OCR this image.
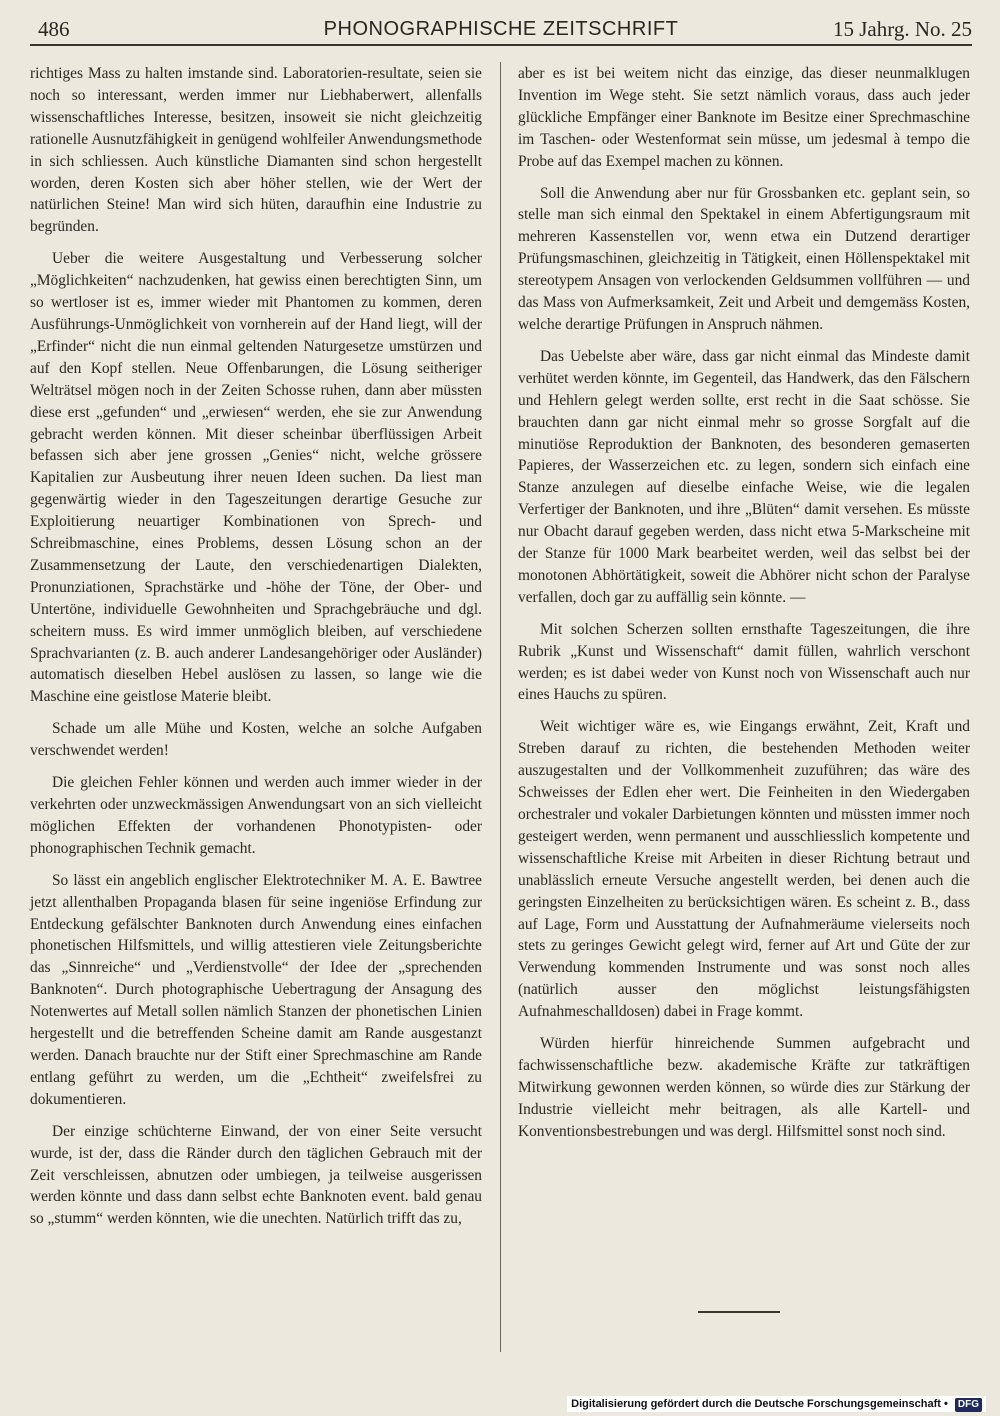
486	PHONOGRAPHISCHE ZEITSCHRIFT	15 Jahrg. No. 25

richtiges Mass zu halten imstande sind. Laboratorien-resultate, seien sie noch so interessant, werden immer nur Liebhaberwert, allenfalls wissenschaftliches Interesse, besitzen, insoweit sie nicht gleichzeitig rationelle Ausnutzfähigkeit in genügend wohlfeiler Anwendungsmethode in sich schliessen. Auch künstliche Diamanten sind schon hergestellt worden, deren Kosten sich aber höher stellen, wie der Wert der natürlichen Steine! Man wird sich hüten, daraufhin eine Industrie zu begründen.

Ueber die weitere Ausgestaltung und Verbesserung solcher „Möglichkeiten“ nachzudenken, hat gewiss einen berechtigten Sinn, um so wertloser ist es, immer wieder mit Phantomen zu kommen, deren Ausführungs-Unmöglichkeit von vornherein auf der Hand liegt, will der „Erfinder“ nicht die nun einmal geltenden Naturgesetze umstürzen und auf den Kopf stellen. Neue Offenbarungen, die Lösung seitheriger Welträtsel mögen noch in der Zeiten Schosse ruhen, dann aber müssten diese erst „gefunden“ und „erwiesen“ werden, ehe sie zur Anwendung gebracht werden können. Mit dieser scheinbar überflüssigen Arbeit befassen sich aber jene grossen „Genies“ nicht, welche grössere Kapitalien zur Ausbeutung ihrer neuen Ideen suchen. Da liest man gegenwärtig wieder in den Tageszeitungen derartige Gesuche zur Exploitierung neuartiger Kombinationen von Sprech- und Schreibmaschine, eines Problems, dessen Lösung schon an der Zusammensetzung der Laute, den verschiedenartigen Dialekten, Pronunziationen, Sprachstärke und -höhe der Töne, der Ober- und Untertöne, individuelle Gewohnheiten und Sprachgebräuche und dgl. scheitern muss. Es wird immer unmöglich bleiben, auf verschiedene Sprachvarianten (z. B. auch anderer Landesangehöriger oder Ausländer) automatisch dieselben Hebel auslösen zu lassen, so lange wie die Maschine eine geistlose Materie bleibt.

Schade um alle Mühe und Kosten, welche an solche Aufgaben verschwendet werden!

Die gleichen Fehler können und werden auch immer wieder in der verkehrten oder unzweckmässigen Anwendungsart von an sich vielleicht möglichen Effekten der vorhandenen Phonotypisten- oder phonographischen Technik gemacht.

So lässt ein angeblich englischer Elektrotechniker M. A. E. Bawtree jetzt allenthalben Propaganda blasen für seine ingeniöse Erfindung zur Entdeckung gefälschter Banknoten durch Anwendung eines einfachen phonetischen Hilfsmittels, und willig attestieren viele Zeitungsberichte das „Sinnreiche“ und „Verdienstvolle“ der Idee der „sprechenden Banknoten“. Durch photographische Uebertragung der Ansagung des Notenwertes auf Metall sollen nämlich Stanzen der phonetischen Linien hergestellt und die betreffenden Scheine damit am Rande ausgestanzt werden. Danach brauchte nur der Stift einer Sprechmaschine am Rande entlang geführt zu werden, um die „Echtheit“ zweifelsfrei zu dokumentieren.

Der einzige schüchterne Einwand, der von einer Seite versucht wurde, ist der, dass die Ränder durch den täglichen Gebrauch mit der Zeit verschleissen, abnutzen oder umbiegen, ja teilweise ausgerissen werden könnte und dass dann selbst echte Banknoten event. bald genau so „stumm“ werden könnten, wie die unechten. Natürlich trifft das zu,

aber es ist bei weitem nicht das einzige, das dieser neunmalklugen Invention im Wege steht. Sie setzt nämlich voraus, dass auch jeder glückliche Empfänger einer Banknote im Besitze einer Sprechmaschine im Taschen- oder Westenformat sein müsse, um jedesmal à tempo die Probe auf das Exempel machen zu können.

Soll die Anwendung aber nur für Grossbanken etc. geplant sein, so stelle man sich einmal den Spektakel in einem Abfertigungsraum mit mehreren Kassenstellen vor, wenn etwa ein Dutzend derartiger Prüfungsmaschinen, gleichzeitig in Tätigkeit, einen Höllenspektakel mit stereotypem Ansagen von verlockenden Geldsummen vollführen — und das Mass von Aufmerksamkeit, Zeit und Arbeit und demgemäss Kosten, welche derartige Prüfungen in Anspruch nähmen.

Das Uebelste aber wäre, dass gar nicht einmal das Mindeste damit verhütet werden könnte, im Gegenteil, das Handwerk, das den Fälschern und Hehlern gelegt werden sollte, erst recht in die Saat schösse. Sie brauchten dann gar nicht einmal mehr so grosse Sorgfalt auf die minutiöse Reproduktion der Banknoten, des besonderen gemaserten Papieres, der Wasserzeichen etc. zu legen, sondern sich einfach eine Stanze anzulegen auf dieselbe einfache Weise, wie die legalen Verfertiger der Banknoten, und ihre „Blüten“ damit versehen. Es müsste nur Obacht darauf gegeben werden, dass nicht etwa 5-Markscheine mit der Stanze für 1000 Mark bearbeitet werden, weil das selbst bei der monotonen Abhörtätigkeit, soweit die Abhörer nicht schon der Paralyse verfallen, doch gar zu auffällig sein könnte. —

Mit solchen Scherzen sollten ernsthafte Tageszeitungen, die ihre Rubrik „Kunst und Wissenschaft“ damit füllen, wahrlich verschont werden; es ist dabei weder von Kunst noch von Wissenschaft auch nur eines Hauchs zu spüren.

Weit wichtiger wäre es, wie Eingangs erwähnt, Zeit, Kraft und Streben darauf zu richten, die bestehenden Methoden weiter auszugestalten und der Vollkommenheit zuzuführen; das wäre des Schweisses der Edlen eher wert. Die Feinheiten in den Wiedergaben orchestraler und vokaler Darbietungen könnten und müssten immer noch gesteigert werden, wenn permanent und ausschliesslich kompetente und wissenschaftliche Kreise mit Arbeiten in dieser Richtung betraut und unablässlich erneute Versuche angestellt werden, bei denen auch die geringsten Einzelheiten zu berücksichtigen wären. Es scheint z. B., dass auf Lage, Form und Ausstattung der Aufnahmeräume vielerseits noch stets zu geringes Gewicht gelegt wird, ferner auf Art und Güte der zur Verwendung kommenden Instrumente und was sonst noch alles (natürlich ausser den möglichst leistungsfähigsten Aufnahmeschalldosen) dabei in Frage kommt.

Würden hierfür hinreichende Summen aufgebracht und fachwissenschaftliche bezw. akademische Kräfte zur tatkräftigen Mitwirkung gewonnen werden können, so würde dies zur Stärkung der Industrie vielleicht mehr beitragen, als alle Kartell- und Konventionsbestrebungen und was dergl. Hilfsmittel sonst noch sind.

Digitalisierung gefördert durch die Deutsche Forschungsgemeinschaft • DFG
